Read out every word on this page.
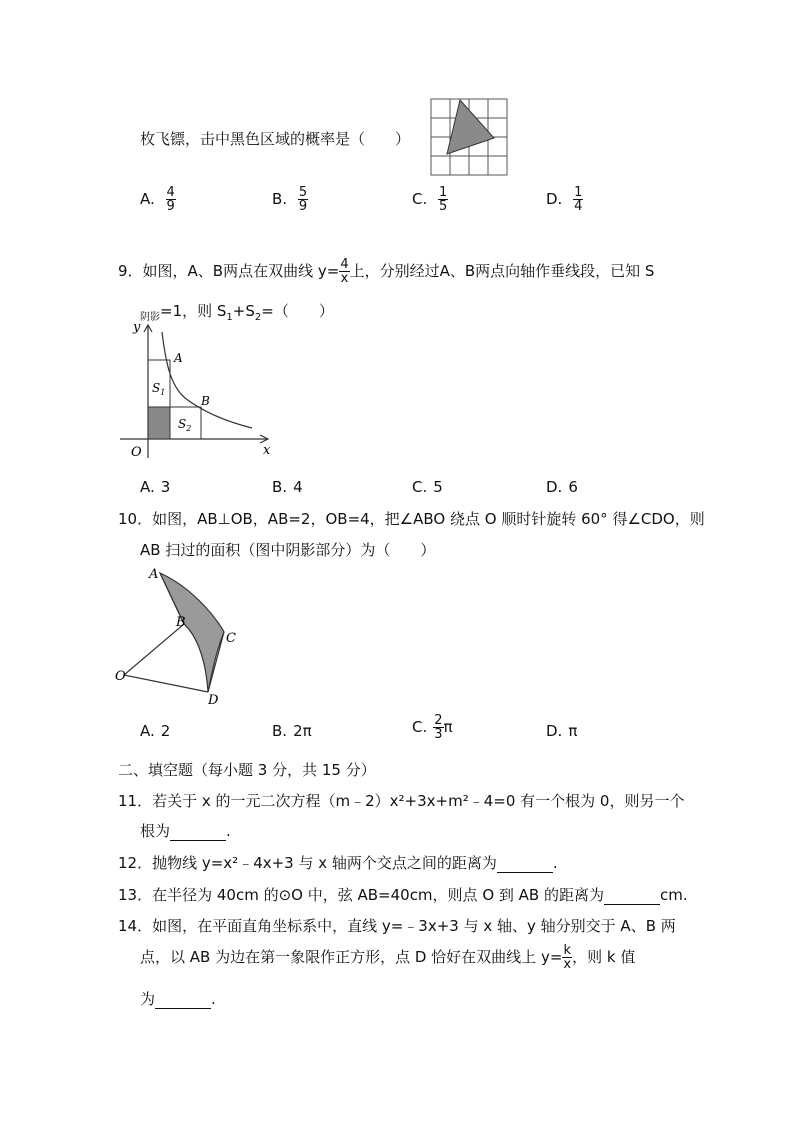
枚飞镖，击中黑色区域的概率是（　　）
A. $\frac{4}{9}$	B. $\frac{5}{9}$	C. $\frac{1}{5}$	D. $\frac{1}{4}$
9．如图，A、B两点在双曲线 $y= \frac{4}{x}$ 上，分别经过A、B两点向轴作垂线段，已知 S
$_{阴影}$=1，则 $S_1+S_2=$（　　）
y
x
O
A
B
$S_1$
$S_2$
A. 3	B. 4	C. 5	D. 6
10．如图，AB⊥OB，AB=2，OB=4，把∠ABO 绕点 O 顺时针旋转 60° 得∠CDO，则
AB 扫过的面积（图中阴影部分）为（　　）
A
B
C
O
D
A. 2	B. 2π	C. $\frac{2}{3}$ π	D. π
二、填空题（每小题 3 分，共 15 分）
11．若关于 x 的一元二次方程（m﹣2）x²+3x+m²﹣4=0 有一个根为 0，则另一个
根为	.
12．抛物线 y=x²﹣4x+3 与 x 轴两个交点之间的距离为	.
13．在半径为 40cm 的⊙O 中，弦 AB=40cm，则点 O 到 AB 的距离为	cm.
14．如图，在平面直角坐标系中，直线 y=﹣3x+3 与 x 轴、y 轴分别交于 A、B 两
点，以 AB 为边在第一象限作正方形，点 D 恰好在双曲线上 $y= \frac{k}{x}$ ，则 k 值
为	.
